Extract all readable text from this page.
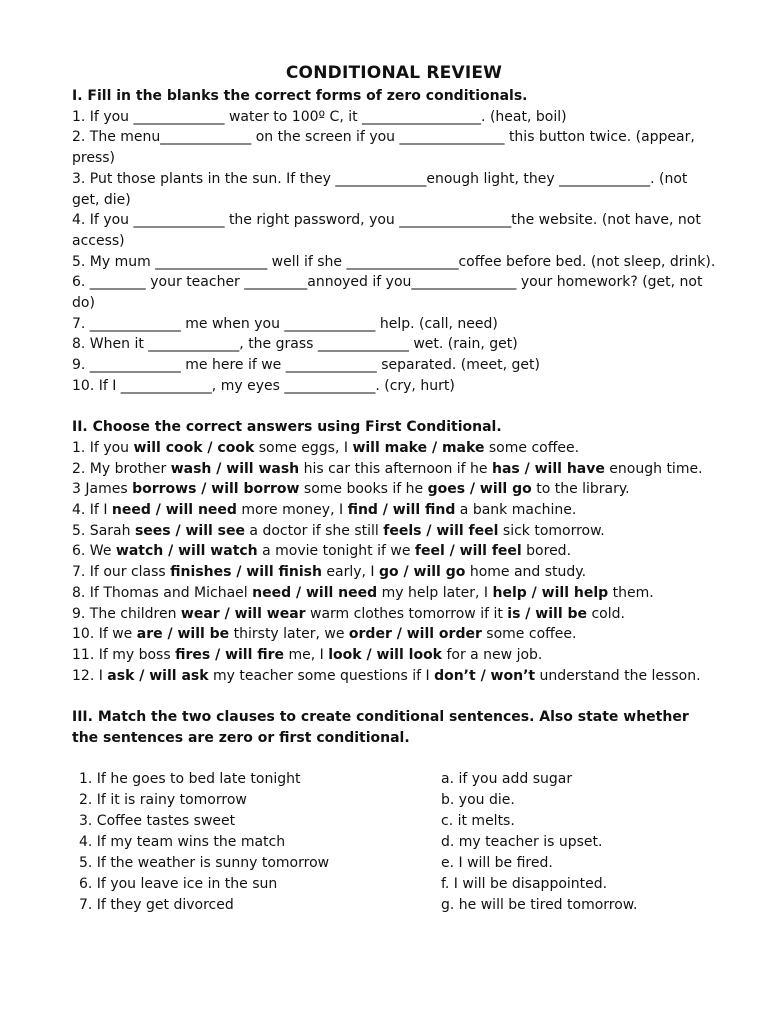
CONDITIONAL REVIEW
I. Fill in the blanks the correct forms of zero conditionals.
1. If you _____________ water to 100º C, it _________________. (heat, boil)
2. The menu_____________ on the screen if you _______________ this button twice. (appear, press)
3. Put those plants in the sun. If they _____________enough light, they _____________. (not get, die)
4. If you _____________ the right password, you ________________the website. (not have, not access)
5. My mum ________________ well if she ________________coffee before bed. (not sleep, drink).
6. ________ your teacher _________annoyed if you_______________ your homework? (get, not do)
7. _____________ me when you _____________ help. (call, need)
8. When it _____________, the grass _____________ wet. (rain, get)
9. _____________ me here if we _____________ separated. (meet, get)
10. If I _____________, my eyes _____________. (cry, hurt)
II. Choose the correct answers using First Conditional.
1. If you will cook / cook some eggs, I will make / make some coffee.
2. My brother wash / will wash his car this afternoon if he has / will have enough time.
3 James borrows / will borrow some books if he goes / will go to the library.
4. If I need / will need more money, I find / will find a bank machine.
5. Sarah sees / will see a doctor if she still feels / will feel sick tomorrow.
6. We watch / will watch a movie tonight if we feel / will feel bored.
7. If our class finishes / will finish early, I go / will go home and study.
8. If Thomas and Michael need / will need my help later, I help / will help them.
9. The children wear / will wear warm clothes tomorrow if it is / will be cold.
10. If we are / will be thirsty later, we order / will order some coffee.
11. If my boss fires / will fire me, I look / will look for a new job.
12. I ask / will ask my teacher some questions if I don’t / won’t understand the lesson.
III. Match the two clauses to create conditional sentences. Also state whether the sentences are zero or first conditional.
1. If he goes to bed late tonight	a. if you add sugar
2. If it is rainy tomorrow	b. you die.
3. Coffee tastes sweet	c. it melts.
4. If my team wins the match	d. my teacher is upset.
5. If the weather is sunny tomorrow	e. I will be fired.
6. If you leave ice in the sun	f. I will be disappointed.
7. If they get divorced	g. he will be tired tomorrow.
